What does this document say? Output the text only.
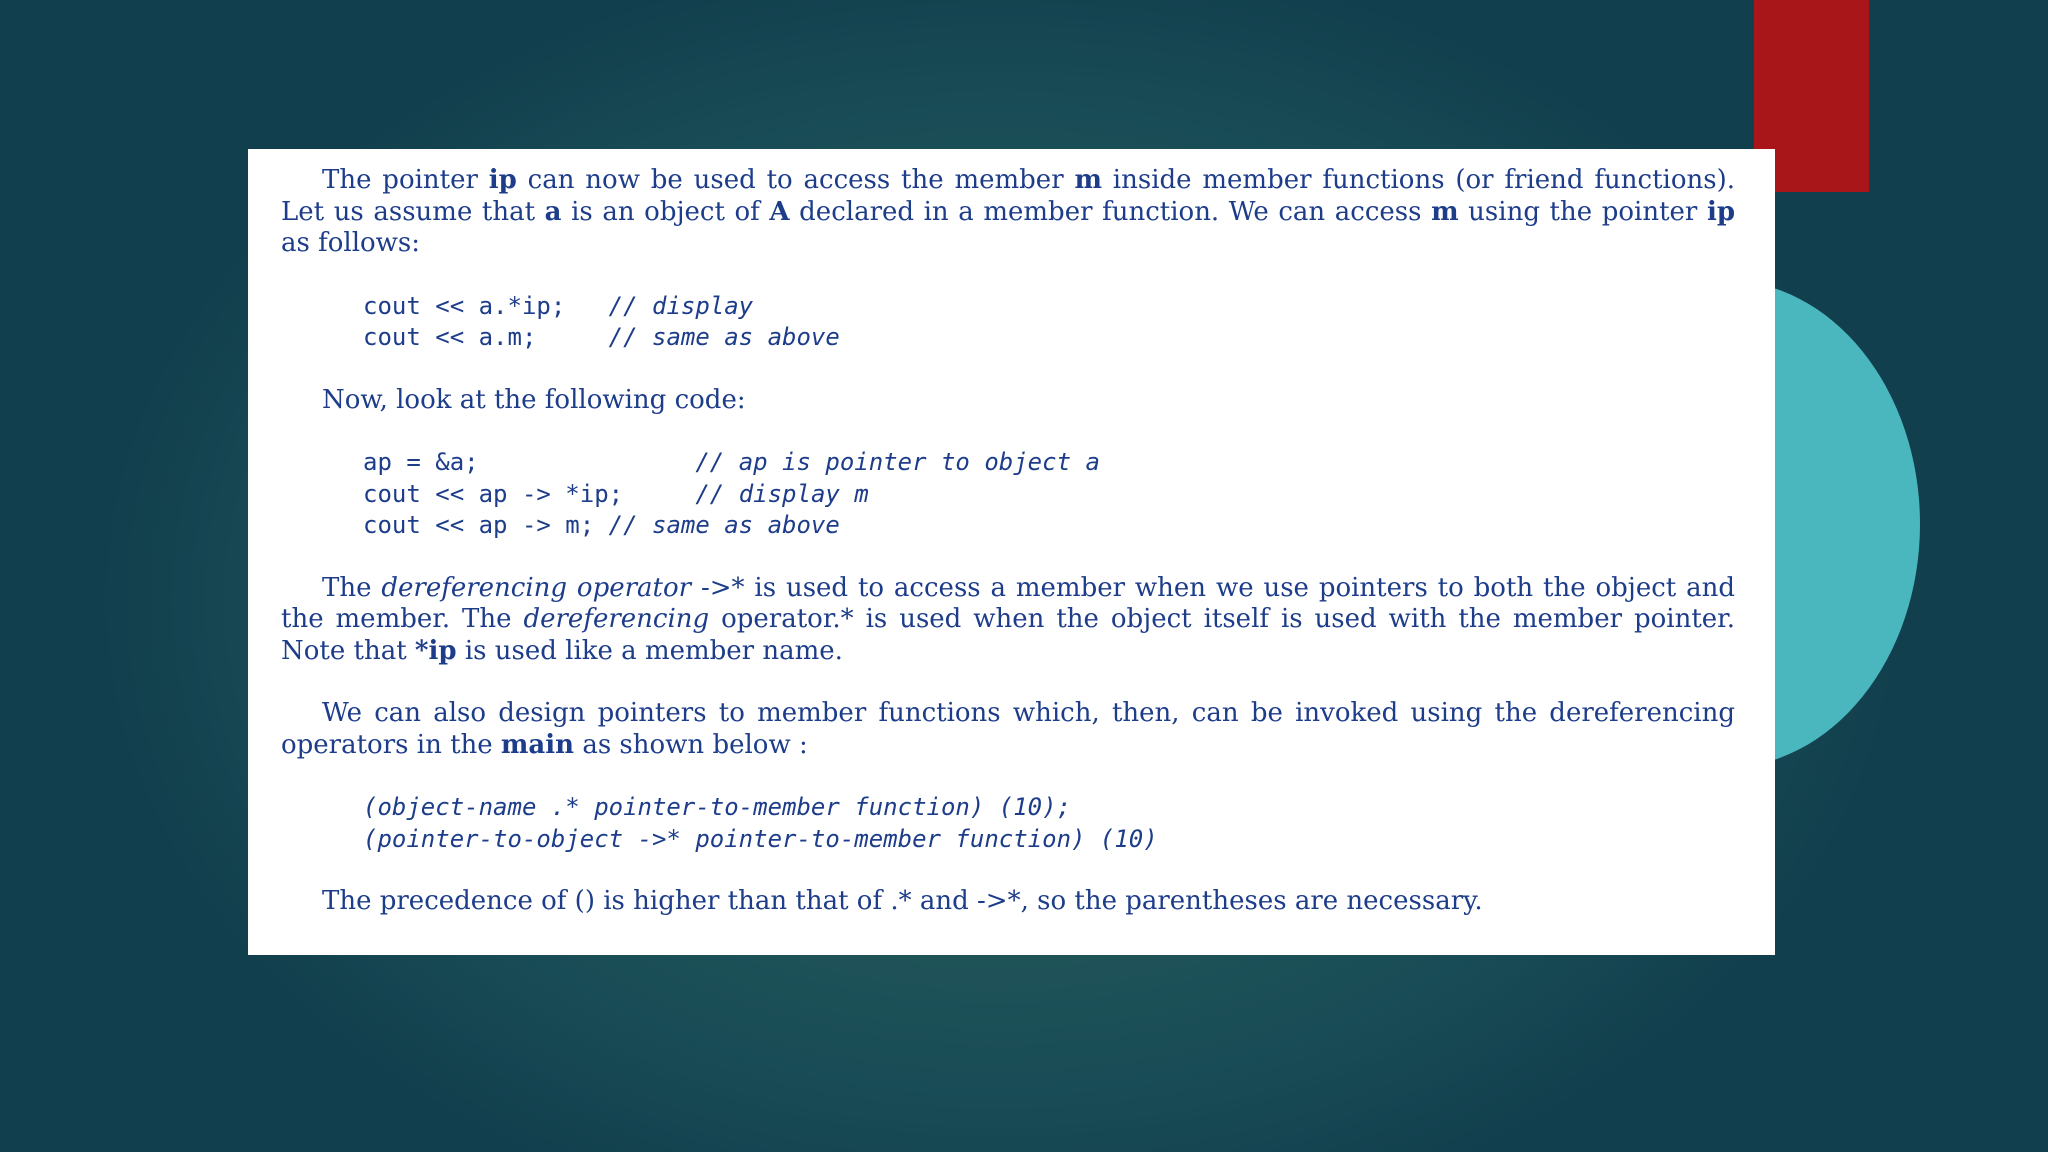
The pointer ip can now be used to access the member m inside member functions (or friend functions). Let us assume that a is an object of A declared in a member function. We can access m using the pointer ip as follows:

cout << a.*ip;   // display
cout << a.m;     // same as above

Now, look at the following code:

ap = &a;               // ap is pointer to object a
cout << ap -> *ip;     // display m
cout << ap -> m; // same as above

The dereferencing operator ->* is used to access a member when we use pointers to both the object and the member. The dereferencing operator.* is used when the object itself is used with the member pointer. Note that *ip is used like a member name.

We can also design pointers to member functions which, then, can be invoked using the dereferencing operators in the main as shown below :

(object-name .* pointer-to-member function) (10);
(pointer-to-object ->* pointer-to-member function) (10)

The precedence of () is higher than that of .* and ->*, so the parentheses are necessary.
